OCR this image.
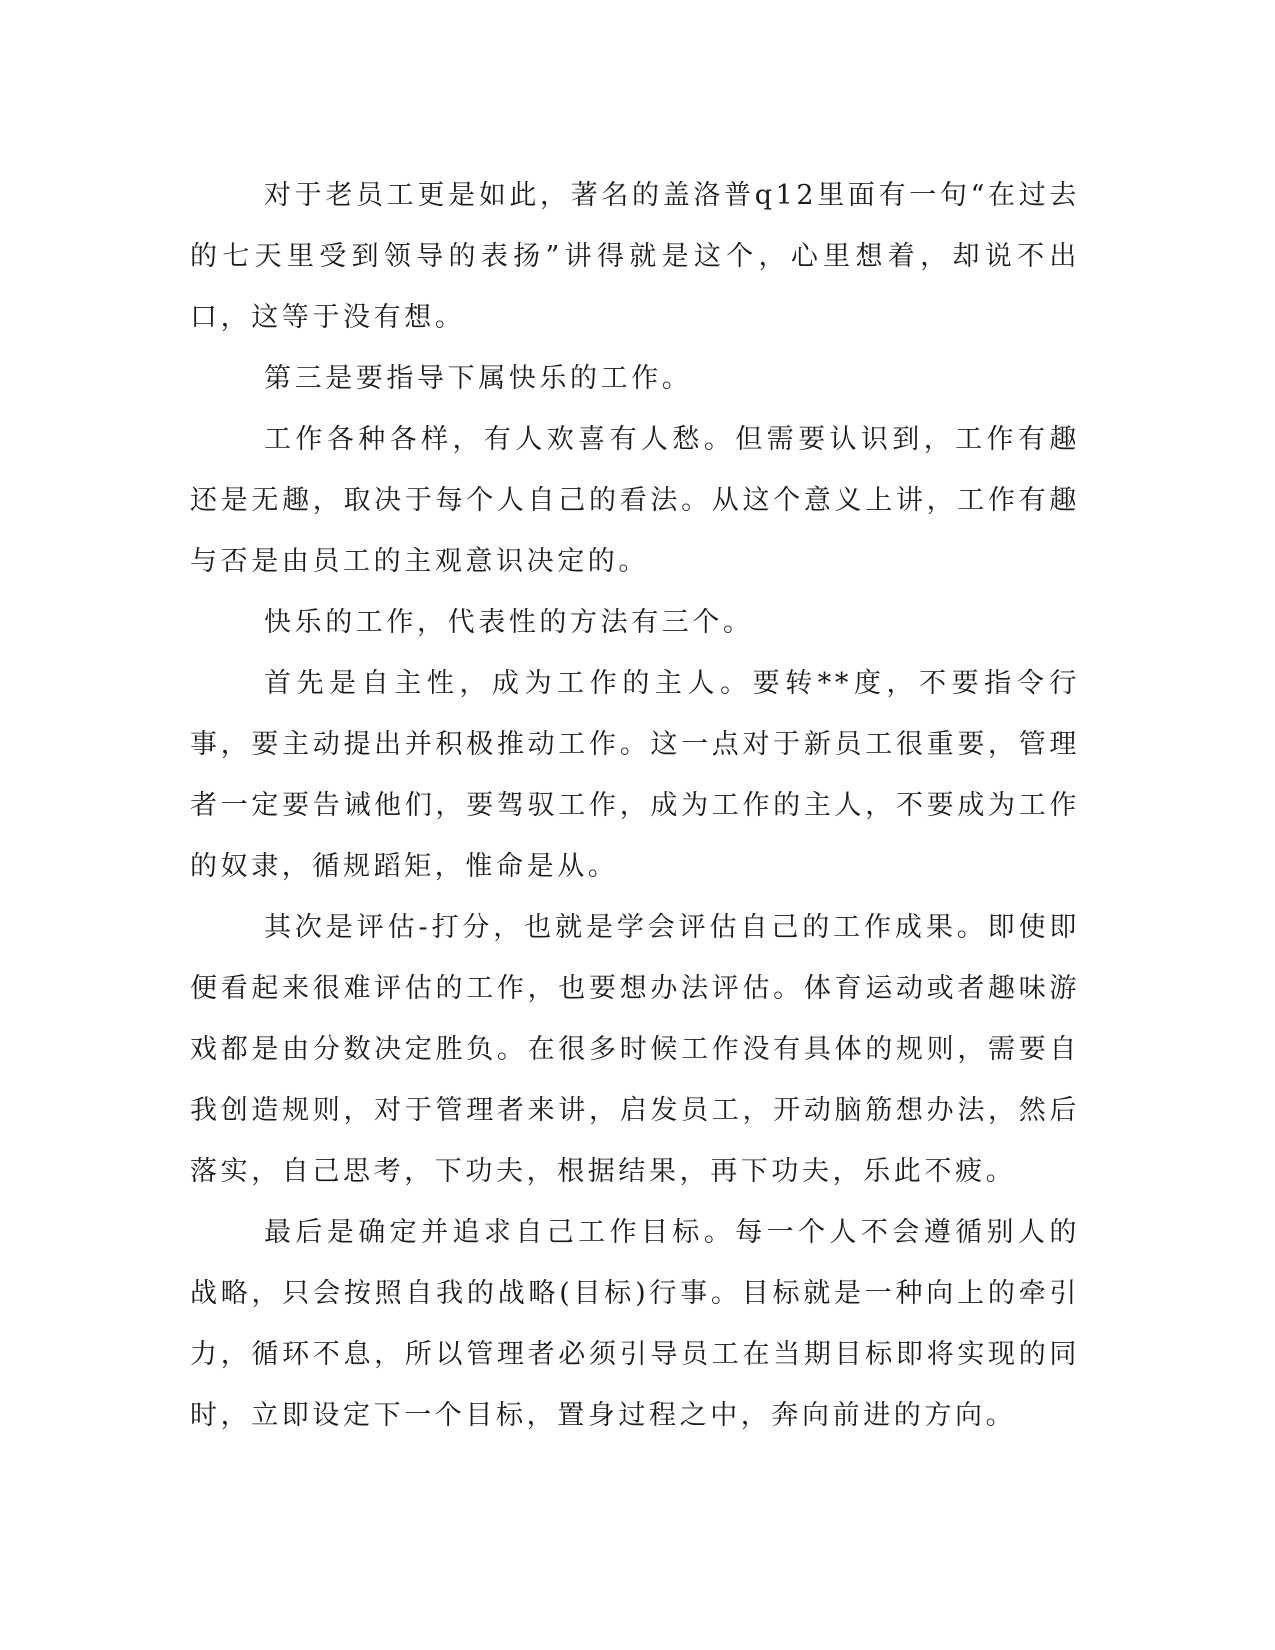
对于老员工更是如此，著名的盖洛普q12里面有一句“在过去的七天里受到领导的表扬”讲得就是这个，心里想着，却说不出口，这等于没有想。

第三是要指导下属快乐的工作。

工作各种各样，有人欢喜有人愁。但需要认识到，工作有趣还是无趣，取决于每个人自己的看法。从这个意义上讲，工作有趣与否是由员工的主观意识决定的。

快乐的工作，代表性的方法有三个。

首先是自主性，成为工作的主人。要转**度，不要指令行事，要主动提出并积极推动工作。这一点对于新员工很重要，管理者一定要告诫他们，要驾驭工作，成为工作的主人，不要成为工作的奴隶，循规蹈矩，惟命是从。

其次是评估-打分，也就是学会评估自己的工作成果。即使即便看起来很难评估的工作，也要想办法评估。体育运动或者趣味游戏都是由分数决定胜负。在很多时候工作没有具体的规则，需要自我创造规则，对于管理者来讲，启发员工，开动脑筋想办法，然后落实，自己思考，下功夫，根据结果，再下功夫，乐此不疲。

最后是确定并追求自己工作目标。每一个人不会遵循别人的战略，只会按照自我的战略(目标)行事。目标就是一种向上的牵引力，循环不息，所以管理者必须引导员工在当期目标即将实现的同时，立即设定下一个目标，置身过程之中，奔向前进的方向。
